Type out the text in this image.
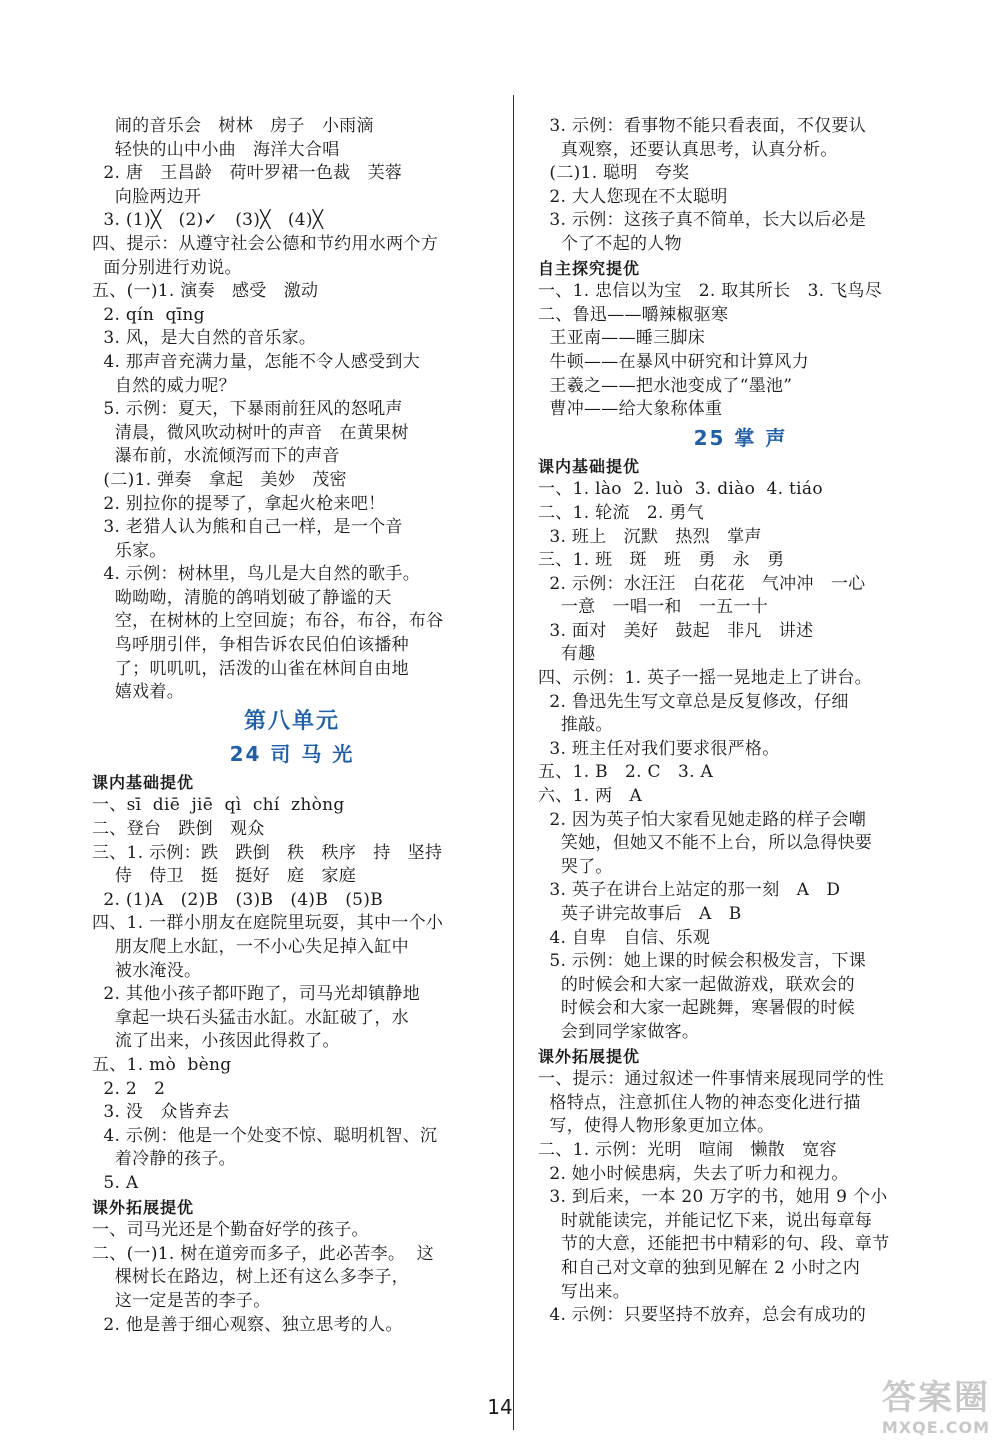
闹的音乐会   树林   房子   小雨滴
轻快的山中小曲   海洋大合唱
2. 唐   王昌龄   荷叶罗裙一色裁   芙蓉
向脸两边开
3. (1)╳   (2)✓   (3)╳   (4)╳
四、提示：从遵守社会公德和节约用水两个方
面分别进行劝说。
五、(一)1. 演奏   感受   激动
2. qín  qīng
3. 风，是大自然的音乐家。
4. 那声音充满力量，怎能不令人感受到大
自然的威力呢？
5. 示例：夏天，下暴雨前狂风的怒吼声
清晨，微风吹动树叶的声音   在黄果树
瀑布前，水流倾泻而下的声音
(二)1. 弹奏   拿起   美妙   茂密
2. 别拉你的提琴了，拿起火枪来吧！
3. 老猎人认为熊和自己一样，是一个音
乐家。
4. 示例：树林里，鸟儿是大自然的歌手。
呦呦呦，清脆的鸽哨划破了静谧的天
空，在树林的上空回旋；布谷，布谷，布谷
鸟呼朋引伴，争相告诉农民伯伯该播种
了；叽叽叽，活泼的山雀在林间自由地
嬉戏着。
第八单元
24 司 马 光
课内基础提优
一、sī  diē  jiē  qì  chí  zhòng
二、登台   跌倒   观众
三、1. 示例：跌   跌倒   秩   秩序   持   坚持
侍   侍卫   挺   挺好   庭   家庭
2. (1)A   (2)B   (3)B   (4)B   (5)B
四、1. 一群小朋友在庭院里玩耍，其中一个小
朋友爬上水缸，一不小心失足掉入缸中
被水淹没。
2. 其他小孩子都吓跑了，司马光却镇静地
拿起一块石头猛击水缸。水缸破了，水
流了出来，小孩因此得救了。
五、1. mò  bèng
2. 2   2
3. 没   众皆弃去
4. 示例：他是一个处变不惊、聪明机智、沉
着冷静的孩子。
5. A
课外拓展提优
一、司马光还是个勤奋好学的孩子。
二、(一)1. 树在道旁而多子，此必苦李。  这
棵树长在路边，树上还有这么多李子，
这一定是苦的李子。
2. 他是善于细心观察、独立思考的人。
3. 示例：看事物不能只看表面，不仅要认
真观察，还要认真思考，认真分析。
(二)1. 聪明   夸奖
2. 大人您现在不太聪明
3. 示例：这孩子真不简单，长大以后必是
个了不起的人物
自主探究提优
一、1. 忠信以为宝   2. 取其所长   3. 飞鸟尽
二、鲁迅——嚼辣椒驱寒
王亚南——睡三脚床
牛顿——在暴风中研究和计算风力
王羲之——把水池变成了“墨池”
曹冲——给大象称体重
25 掌 声
课内基础提优
一、1. lào  2. luò  3. diào  4. tiáo
二、1. 轮流   2. 勇气
3. 班上   沉默   热烈   掌声
三、1. 班   斑   班   勇   永   勇
2. 示例：水汪汪   白花花   气冲冲   一心
一意   一唱一和   一五一十
3. 面对   美好   鼓起   非凡   讲述
有趣
四、示例：1. 英子一摇一晃地走上了讲台。
2. 鲁迅先生写文章总是反复修改，仔细
推敲。
3. 班主任对我们要求很严格。
五、1. B   2. C   3. A
六、1. 两   A
2. 因为英子怕大家看见她走路的样子会嘲
笑她，但她又不能不上台，所以急得快要
哭了。
3. 英子在讲台上站定的那一刻   A   D
英子讲完故事后   A   B
4. 自卑   自信、乐观
5. 示例：她上课的时候会积极发言，下课
的时候会和大家一起做游戏，联欢会的
时候会和大家一起跳舞，寒暑假的时候
会到同学家做客。
课外拓展提优
一、提示：通过叙述一件事情来展现同学的性
格特点，注意抓住人物的神态变化进行描
写，使得人物形象更加立体。
二、1. 示例：光明   喧闹   懒散   宽容
2. 她小时候患病，失去了听力和视力。
3. 到后来，一本 20 万字的书，她用 9 个小
时就能读完，并能记忆下来，说出每章每
节的大意，还能把书中精彩的句、段、章节
和自己对文章的独到见解在 2 小时之内
写出来。
4. 示例：只要坚持不放弃，总会有成功的
14	答案圈
MXQE.COM
